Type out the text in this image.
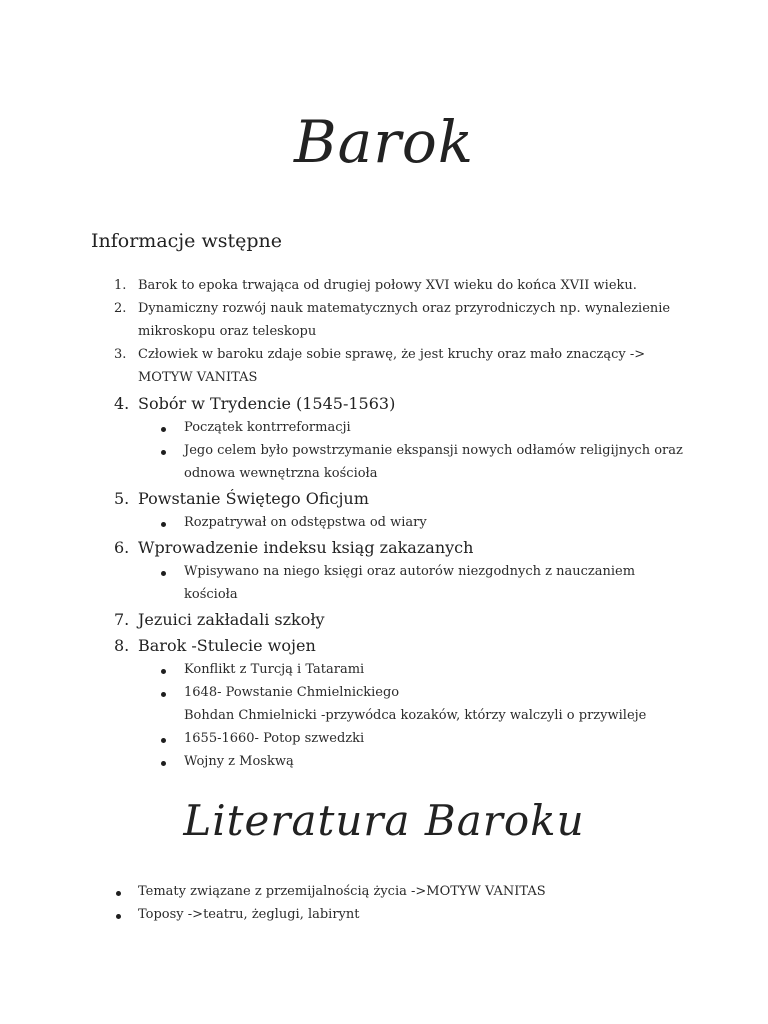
Barok
Informacje wstępne
1. Barok to epoka trwająca od drugiej połowy XVI wieku do końca XVII wieku.
2. Dynamiczny rozwój nauk matematycznych oraz przyrodniczych np. wynalezienie
mikroskopu oraz teleskopu
3. Człowiek w baroku zdaje sobie sprawę, że jest kruchy oraz mało znaczący ->
MOTYW VANITAS
4. Sobór w Trydencie (1545-1563)
Początek kontrreformacji
Jego celem było powstrzymanie ekspansji nowych odłamów religijnych oraz
odnowa wewnętrzna kościoła
5. Powstanie Świętego Oficjum
Rozpatrywał on odstępstwa od wiary
6. Wprowadzenie indeksu ksiąg zakazanych
Wpisywano na niego księgi oraz autorów niezgodnych z nauczaniem
kościoła
7. Jezuici zakładali szkoły
8. Barok -Stulecie wojen
Konflikt z Turcją i Tatarami
1648- Powstanie Chmielnickiego
Bohdan Chmielnicki -przywódca kozaków, którzy walczyli o przywileje
1655-1660- Potop szwedzki
Wojny z Moskwą
Literatura Baroku
Tematy związane z przemijalnością życia ->MOTYW VANITAS
Toposy ->teatru, żeglugi, labirynt
